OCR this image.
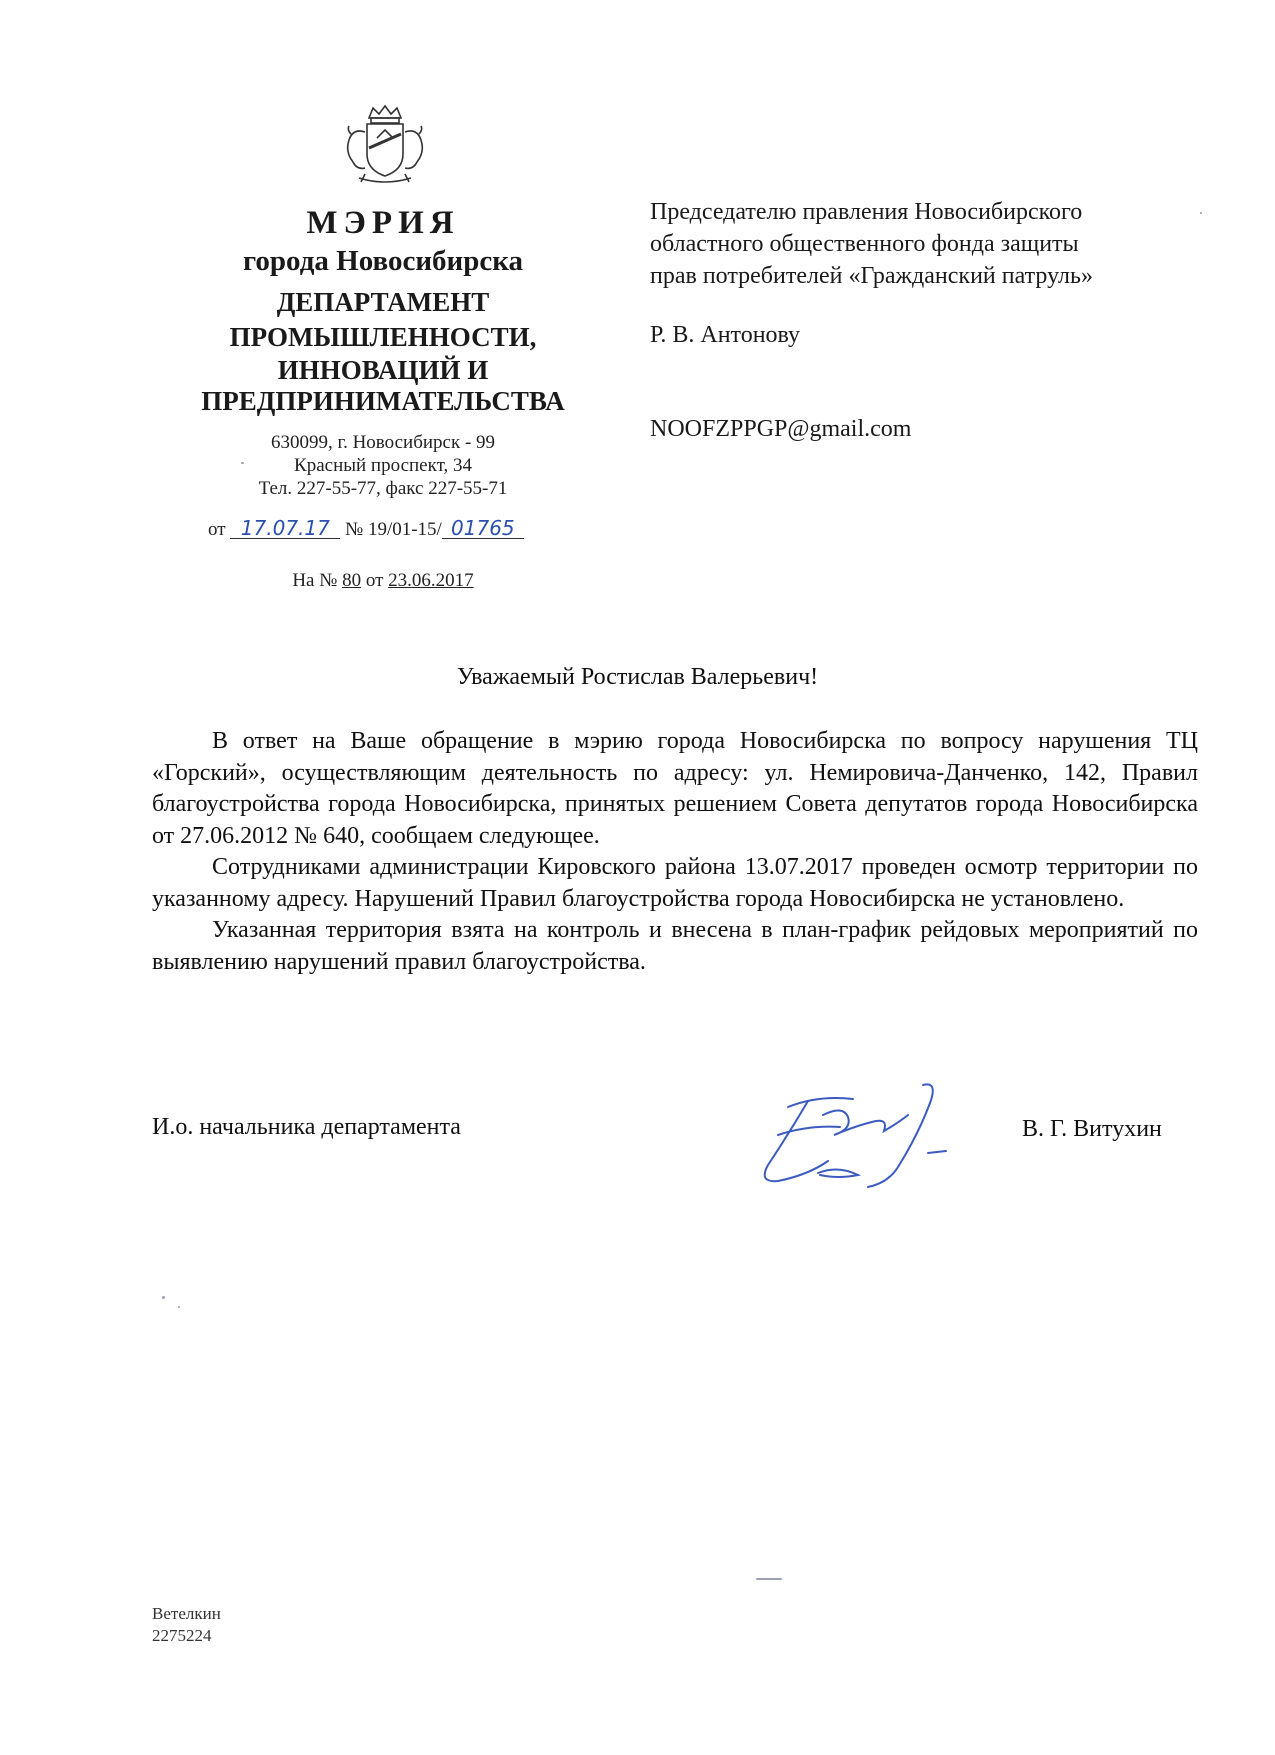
МЭРИЯ
города Новосибирска
ДЕПАРТАМЕНТ
ПРОМЫШЛЕННОСТИ,
ИННОВАЦИЙ И
ПРЕДПРИНИМАТЕЛЬСТВА
630099, г. Новосибирск - 99
Красный проспект, 34
Тел. 227-55-77, факс 227-55-71
от 17.07.17 № 19/01-15/ 01765
На № 80 от 23.06.2017
Председателю правления Новосибирского
областного общественного фонда защиты
прав потребителей «Гражданский патруль»
Р. В. Антонову
NOOFZPPGP@gmail.com
Уважаемый Ростислав Валерьевич!

В ответ на Ваше обращение в мэрию города Новосибирска по вопросу нарушения ТЦ «Горский», осуществляющим деятельность по адресу: ул. Немировича-Данченко, 142, Правил благоустройства города Новосибирска, принятых решением Совета депутатов города Новосибирска от 27.06.2012 № 640, сообщаем следующее.

Сотрудниками администрации Кировского района 13.07.2017 проведен осмотр территории по указанному адресу. Нарушений Правил благоустройства города Новосибирска не установлено.

Указанная территория взята на контроль и внесена в план-график рейдовых мероприятий по выявлению нарушений правил благоустройства.

И.о. начальника департамента	В. Г. Витухин
Ветелкин
2275224
